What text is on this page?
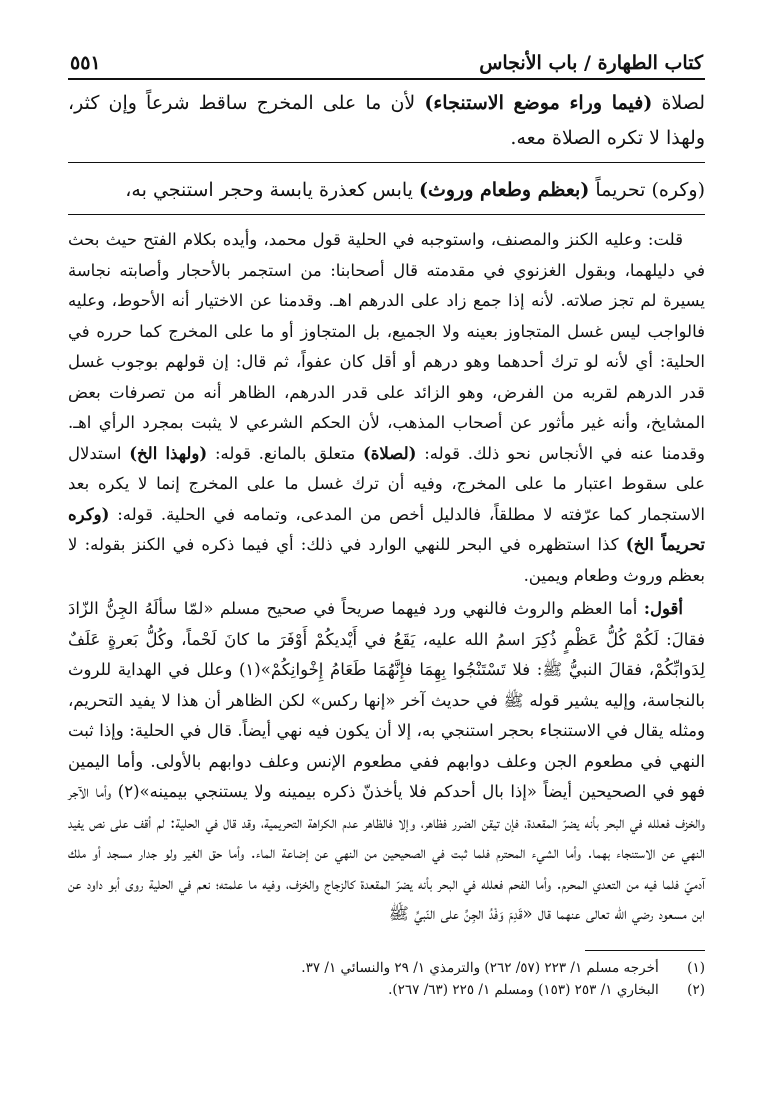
٥٥١	كتاب الطهارة / باب الأنجاس

لصلاة (فيما وراء موضع الاستنجاء) لأن ما على المخرج ساقط شرعاً وإن كثر، ولهذا لا تكره الصلاة معه.

(وكره) تحريماً (بعظم وطعام وروث) يابس كعذرة يابسة وحجر استنجي به،

قلت: وعليه الكنز والمصنف، واستوجبه في الحلية قول محمد، وأيده بكلام الفتح حيث بحث في دليلهما، وبقول الغزنوي في مقدمته قال أصحابنا: من استجمر بالأحجار وأصابته نجاسة يسيرة لم تجز صلاته. لأنه إذا جمع زاد على الدرهم اهـ. وقدمنا عن الاختيار أنه الأحوط، وعليه فالواجب ليس غسل المتجاوز بعينه ولا الجميع، بل المتجاوز أو ما على المخرج كما حرره في الحلية: أي لأنه لو ترك أحدهما وهو درهم أو أقل كان عفواً، ثم قال: إن قولهم بوجوب غسل قدر الدرهم لقربه من الفرض، وهو الزائد على قدر الدرهم، الظاهر أنه من تصرفات بعض المشايخ، وأنه غير مأثور عن أصحاب المذهب، لأن الحكم الشرعي لا يثبت بمجرد الرأي اهـ. وقدمنا عنه في الأنجاس نحو ذلك. قوله: (لصلاة) متعلق بالمانع. قوله: (ولهذا الخ) استدلال على سقوط اعتبار ما على المخرج، وفيه أن ترك غسل ما على المخرج إنما لا يكره بعد الاستجمار كما عرّفته لا مطلقاً، فالدليل أخص من المدعى، وتمامه في الحلية. قوله: (وكره تحريماً الخ) كذا استظهره في البحر للنهي الوارد في ذلك: أي فيما ذكره في الكنز بقوله: لا بعظم وروث وطعام ويمين.

أقول: أما العظم والروث فالنهي ورد فيهما صريحاً في صحيح مسلم «لمّا سألَهُ الجِنُّ الزّادَ فقالَ: لَكُمْ كُلُّ عَظْمٍ ذُكِرَ اسمُ الله عليه، يَقَعُ في أَيْديكُمْ أَوْفَرَ ما كانَ لَحْماً، وكُلُّ بَعرةٍ عَلَفٌ لِدَوابِّكُمْ، فقالَ النبيُّ ﷺ: فلا تَسْتَنْجُوا بِهِمَا فإِنَّهُمَا طَعَامُ إِخْوانِكُمْ»(١) وعلل في الهداية للروث بالنجاسة، وإليه يشير قوله ﷺ في حديث آخر «إنها ركس» لكن الظاهر أن هذا لا يفيد التحريم، ومثله يقال في الاستنجاء بحجر استنجي به، إلا أن يكون فيه نهي أيضاً. قال في الحلية: وإذا ثبت النهي في مطعوم الجن وعلف دوابهم ففي مطعوم الإنس وعلف دوابهم بالأولى. وأما اليمين فهو في الصحيحين أيضاً «إذا بال أحدكم فلا يأخذنّ ذكره بيمينه ولا يستنجي بيمينه»(٢) وأما الآجر والخزف فعلله في البحر بأنه يضرّ المقعدة، فإن تيقن الضرر فظاهر، وإلا فالظاهر عدم الكراهة التحريمية، وقد قال في الحلية: لم أقف على نص يفيد النهي عن الاستنجاء بهما. وأما الشيء المحترم فلما ثبت في الصحيحين من النهي عن إضاعة الماء. وأما حق الغير ولو جدار مسجد أو ملك آدميّ فلما فيه من التعدي المحرم. وأما الفحم فعلله في البحر بأنه يضرّ المقعدة كالزجاج والخزف، وفيه ما علمته؛ نعم في الحلية روى أبو داود عن ابن مسعود رضي الله تعالى عنهما قال «قَدِمَ وَفْدُ الجِنِّ على النّبيِّ ﷺ

(١) أخرجه مسلم ١/ ٢٢٣ (٥٧/ ٢٦٢) والترمذي ١/ ٢٩ والنسائي ١/ ٣٧.

(٢) البخاري ١/ ٢٥٣ (١٥٣) ومسلم ١/ ٢٢٥ (٦٣/ ٢٦٧).
